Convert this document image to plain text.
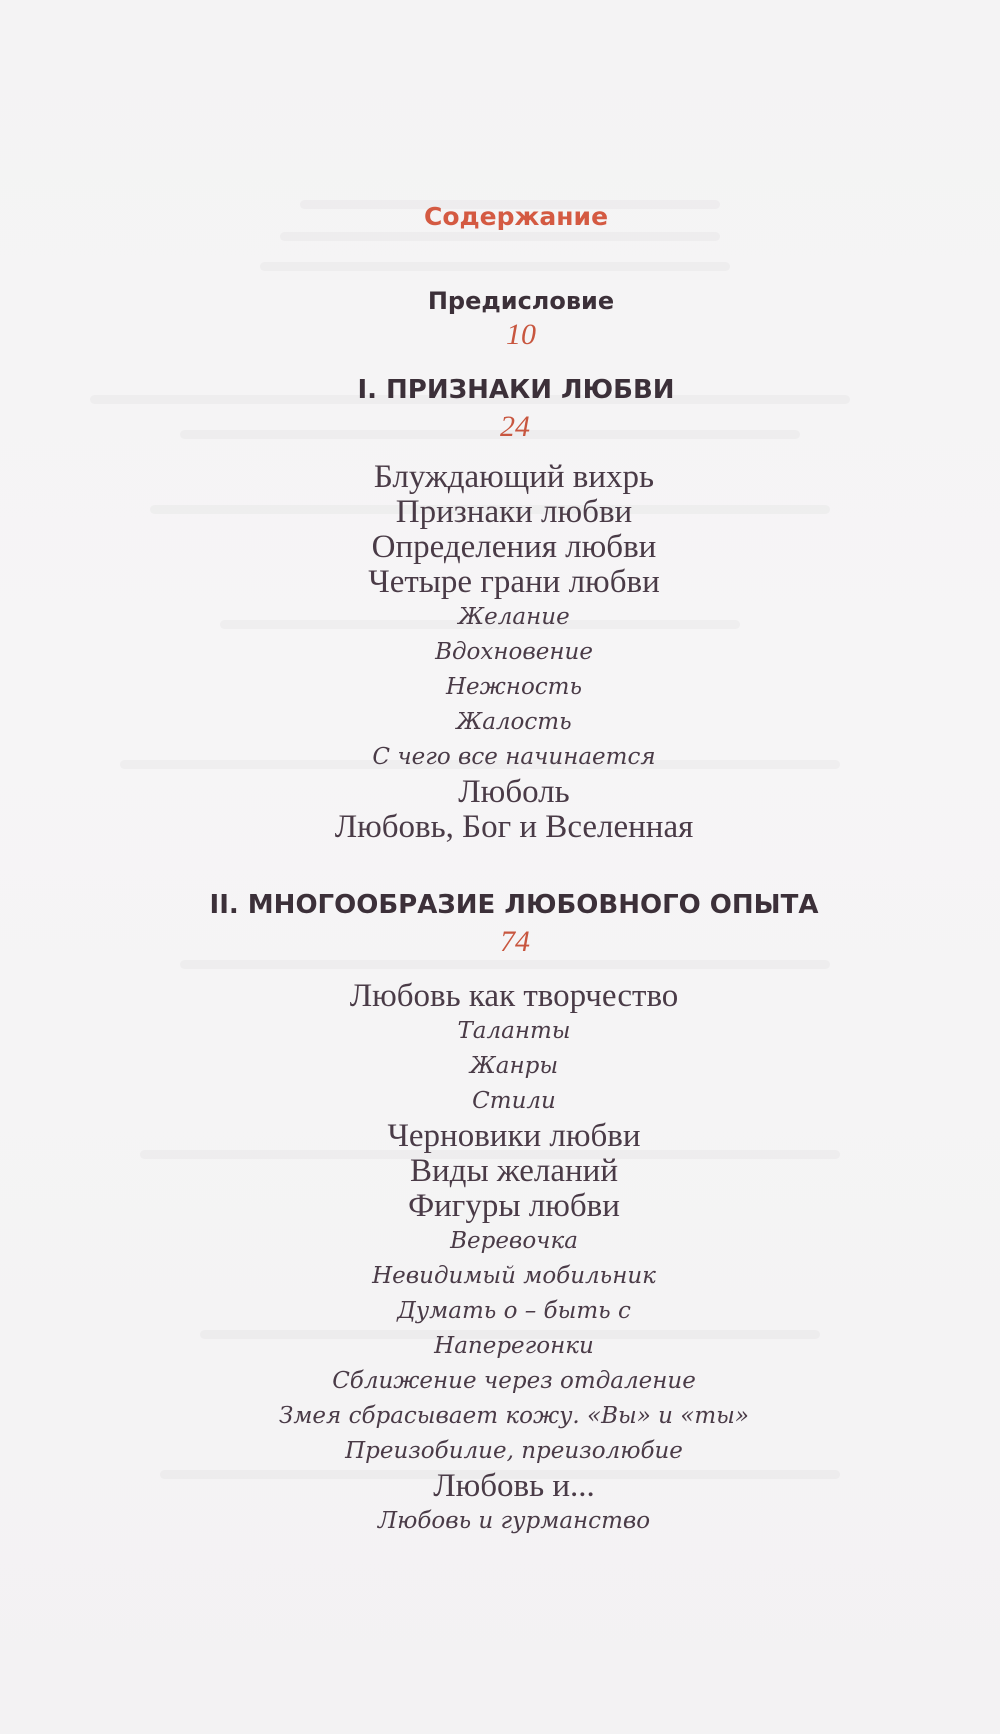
Содержание
Предисловие
10
I. ПРИЗНАКИ ЛЮБВИ
24
Блуждающий вихрь
Признаки любви
Определения любви
Четыре грани любви
Желание
Вдохновение
Нежность
Жалость
С чего все начинается
Люболь
Любовь, Бог и Вселенная
II. МНОГООБРАЗИЕ ЛЮБОВНОГО ОПЫТА
74
Любовь как творчество
Таланты
Жанры
Стили
Черновики любви
Виды желаний
Фигуры любви
Веревочка
Невидимый мобильник
Думать о – быть с
Наперегонки
Сближение через отдаление
Змея сбрасывает кожу. «Вы» и «ты»
Преизобилие, преизолюбие
Любовь и...
Любовь и гурманство
